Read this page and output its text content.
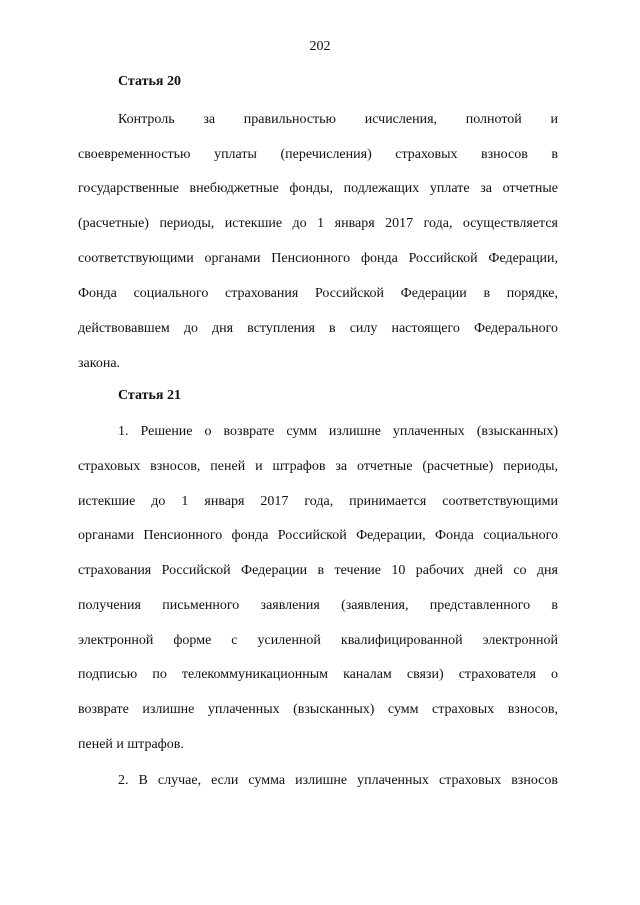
202

Статья 20

Контроль за правильностью исчисления, полнотой и

своевременностью уплаты (перечисления) страховых взносов в

государственные внебюджетные фонды, подлежащих уплате за отчетные

(расчетные) периоды, истекшие до 1 января 2017 года, осуществляется

соответствующими органами Пенсионного фонда Российской Федерации,

Фонда социального страхования Российской Федерации в порядке,

действовавшем до дня вступления в силу настоящего Федерального

закона.

Статья 21

1. Решение о возврате сумм излишне уплаченных (взысканных)

страховых взносов, пеней и штрафов за отчетные (расчетные) периоды,

истекшие до 1 января 2017 года, принимается соответствующими

органами Пенсионного фонда Российской Федерации, Фонда социального

страхования Российской Федерации в течение 10 рабочих дней со дня

получения письменного заявления (заявления, представленного в

электронной форме с усиленной квалифицированной электронной

подписью по телекоммуникационным каналам связи) страхователя о

возврате излишне уплаченных (взысканных) сумм страховых взносов,

пеней и штрафов.

2. В случае, если сумма излишне уплаченных страховых взносов
